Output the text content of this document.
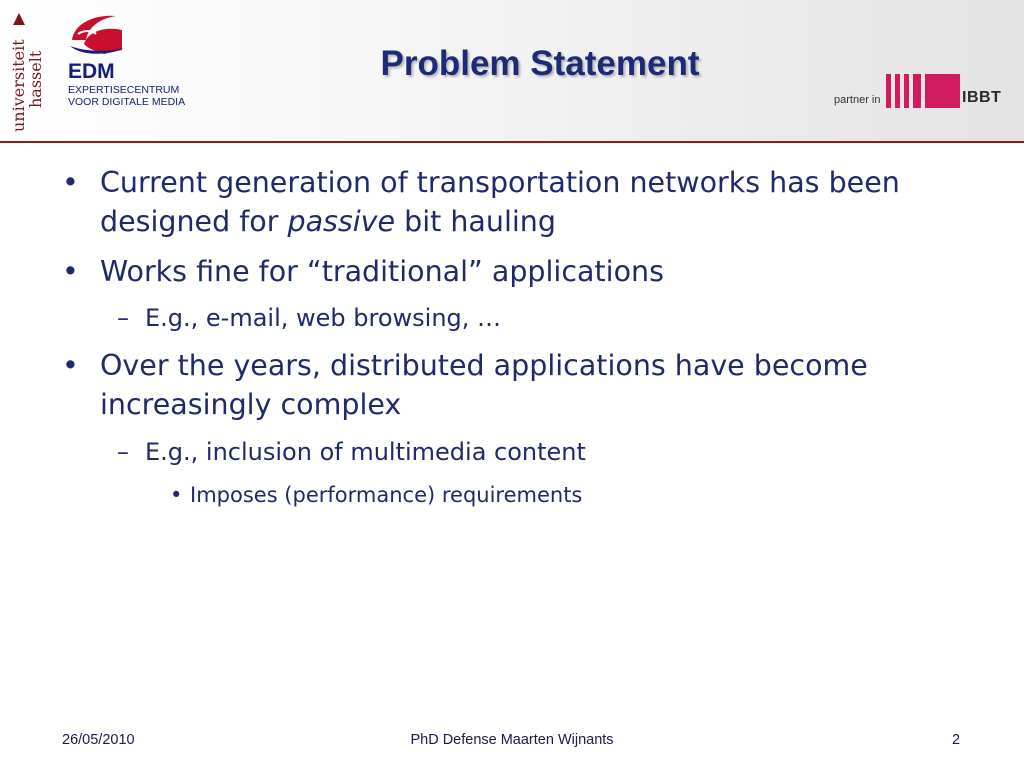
universiteit
hasselt EDM
EXPERTISECENTRUM
VOOR DIGITALE MEDIA
Problem Statement
partner in	IBBT
• Current generation of transportation networks has been designed for passive bit hauling
• Works fine for “traditional” applications
– E.g., e-mail, web browsing, …
• Over the years, distributed applications have become increasingly complex
– E.g., inclusion of multimedia content
• Imposes (performance) requirements
26/05/2010	PhD Defense Maarten Wijnants	2
